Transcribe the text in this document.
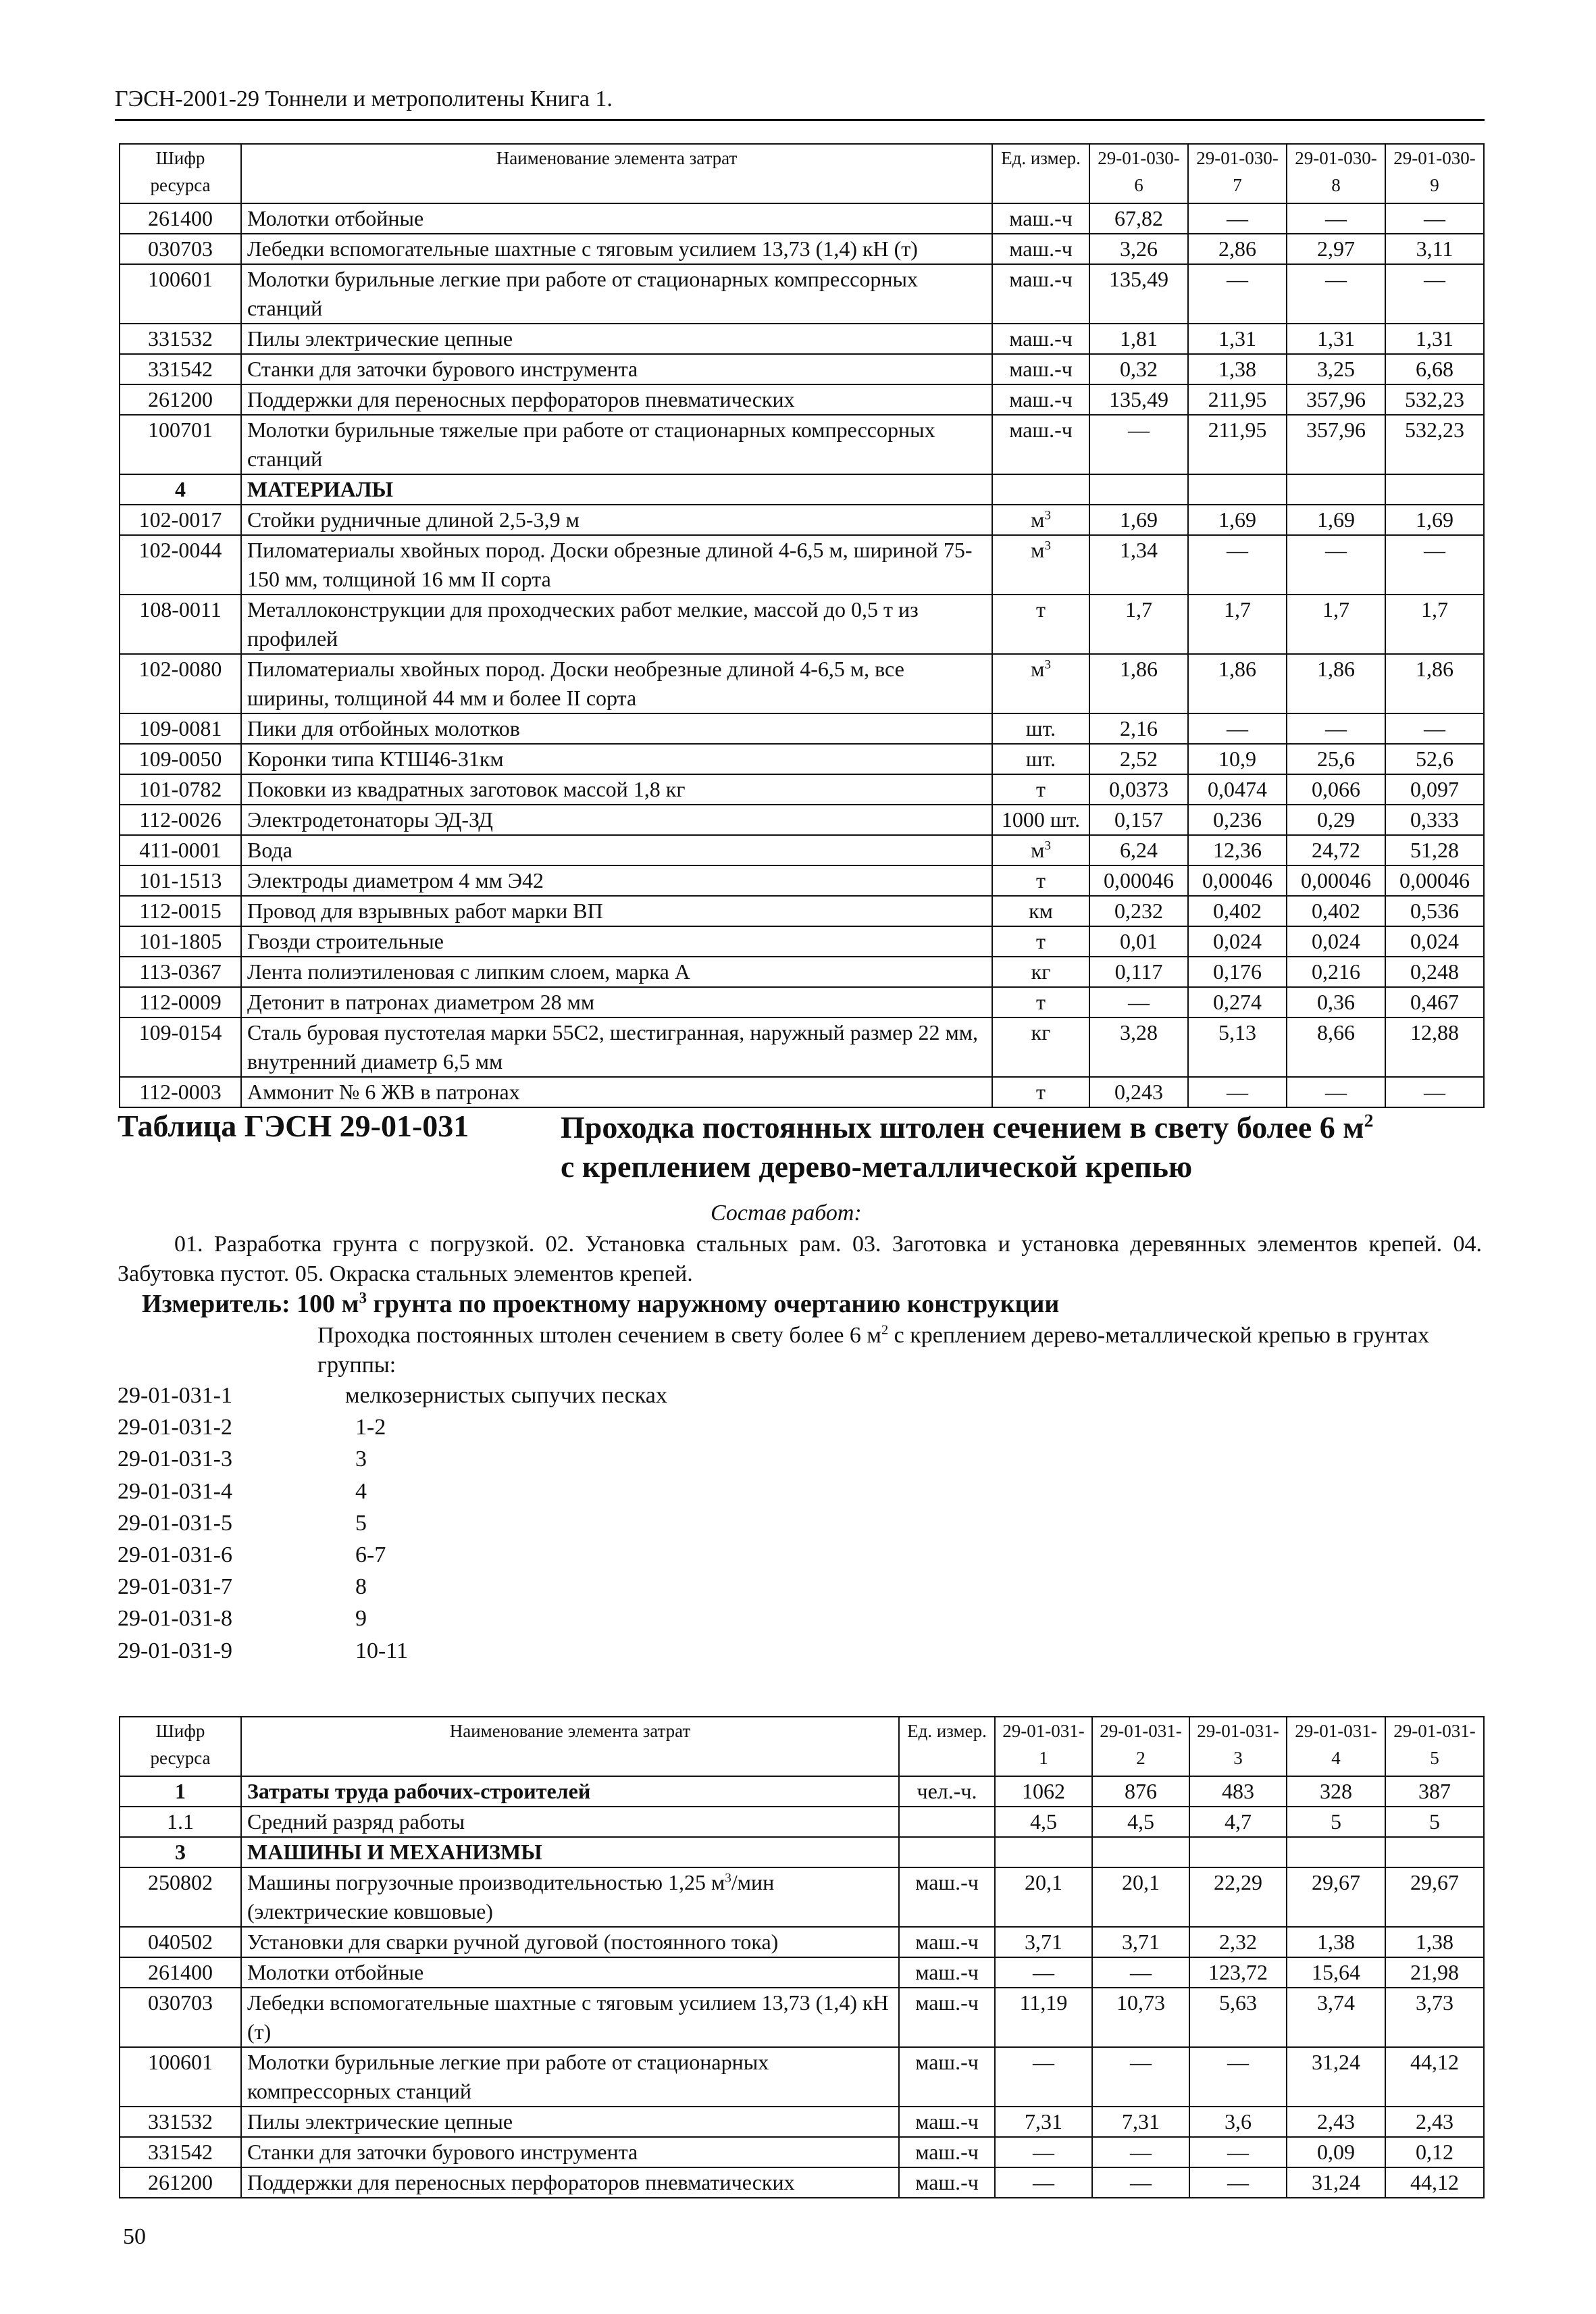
ГЭСН-2001-29 Тоннели и метрополитены Книга 1.
Шифр ресурса	Наименование элемента затрат	Ед. измер.	29-01-030-6	29-01-030-7	29-01-030-8	29-01-030-9
261400	Молотки отбойные	маш.-ч	67,82	—	—	—
030703	Лебедки вспомогательные шахтные с тяговым усилием 13,73 (1,4) кН (т)	маш.-ч	3,26	2,86	2,97	3,11
100601	Молотки бурильные легкие при работе от стационарных компрессорных станций	маш.-ч	135,49	—	—	—
331532	Пилы электрические цепные	маш.-ч	1,81	1,31	1,31	1,31
331542	Станки для заточки бурового инструмента	маш.-ч	0,32	1,38	3,25	6,68
261200	Поддержки для переносных перфораторов пневматических	маш.-ч	135,49	211,95	357,96	532,23
100701	Молотки бурильные тяжелые при работе от стационарных компрессорных станций	маш.-ч	—	211,95	357,96	532,23
4	МАТЕРИАЛЫ					
102-0017	Стойки рудничные длиной 2,5-3,9 м	$м^3$	1,69	1,69	1,69	1,69
102-0044	Пиломатериалы хвойных пород. Доски обрезные длиной 4-6,5 м, шириной 75-150 мм, толщиной 16 мм II сорта	$м^3$	1,34	—	—	—
108-0011	Металлоконструкции для проходческих работ мелкие, массой до 0,5 т из профилей	т	1,7	1,7	1,7	1,7
102-0080	Пиломатериалы хвойных пород. Доски необрезные длиной 4-6,5 м, все ширины, толщиной 44 мм и более II сорта	$м^3$	1,86	1,86	1,86	1,86
109-0081	Пики для отбойных молотков	шт.	2,16	—	—	—
109-0050	Коронки типа КТШ46-31км	шт.	2,52	10,9	25,6	52,6
101-0782	Поковки из квадратных заготовок массой 1,8 кг	т	0,0373	0,0474	0,066	0,097
112-0026	Электродетонаторы ЭД-ЗД	1000 шт.	0,157	0,236	0,29	0,333
411-0001	Вода	$м^3$	6,24	12,36	24,72	51,28
101-1513	Электроды диаметром 4 мм Э42	т	0,00046	0,00046	0,00046	0,00046
112-0015	Провод для взрывных работ марки ВП	км	0,232	0,402	0,402	0,536
101-1805	Гвозди строительные	т	0,01	0,024	0,024	0,024
113-0367	Лента полиэтиленовая с липким слоем, марка А	кг	0,117	0,176	0,216	0,248
112-0009	Детонит в патронах диаметром 28 мм	т	—	0,274	0,36	0,467
109-0154	Сталь буровая пустотелая марки 55С2, шестигранная, наружный размер 22 мм, внутренний диаметр 6,5 мм	кг	3,28	5,13	8,66	12,88
112-0003	Аммонит № 6 ЖВ в патронах	т	0,243	—	—	—
Таблица ГЭСН 29-01-031	Проходка постоянных штолен сечением в свету более 6 $м^2$
с креплением дерево-металлической крепью
Состав работ:
01. Разработка грунта с погрузкой. 02. Установка стальных рам. 03. Заготовка и установка деревянных элементов крепей. 04. Забутовка пустот. 05. Окраска стальных элементов крепей.
Измеритель: 100 $м^3$ грунта по проектному наружному очертанию конструкции
Проходка постоянных штолен сечением в свету более 6 $м^2$ с креплением дерево-металлической крепью в грунтах группы:
29-01-031-1	мелкозернистых сыпучих песках
29-01-031-2	1-2
29-01-031-3	3
29-01-031-4	4
29-01-031-5	5
29-01-031-6	6-7
29-01-031-7	8
29-01-031-8	9
29-01-031-9	10-11
Шифр ресурса	Наименование элемента затрат	Ед. измер.	29-01-031-1	29-01-031-2	29-01-031-3	29-01-031-4	29-01-031-5
1	Затраты труда рабочих-строителей	чел.-ч.	1062	876	483	328	387
1.1	Средний разряд работы		4,5	4,5	4,7	5	5
3	МАШИНЫ И МЕХАНИЗМЫ						
250802	Машины погрузочные производительностью 1,25 $м^3$/мин (электрические ковшовые)	маш.-ч	20,1	20,1	22,29	29,67	29,67
040502	Установки для сварки ручной дуговой (постоянного тока)	маш.-ч	3,71	3,71	2,32	1,38	1,38
261400	Молотки отбойные	маш.-ч	—	—	123,72	15,64	21,98
030703	Лебедки вспомогательные шахтные с тяговым усилием 13,73 (1,4) кН (т)	маш.-ч	11,19	10,73	5,63	3,74	3,73
100601	Молотки бурильные легкие при работе от стационарных компрессорных станций	маш.-ч	—	—	—	31,24	44,12
331532	Пилы электрические цепные	маш.-ч	7,31	7,31	3,6	2,43	2,43
331542	Станки для заточки бурового инструмента	маш.-ч	—	—	—	0,09	0,12
261200	Поддержки для переносных перфораторов пневматических	маш.-ч	—	—	—	31,24	44,12
50
